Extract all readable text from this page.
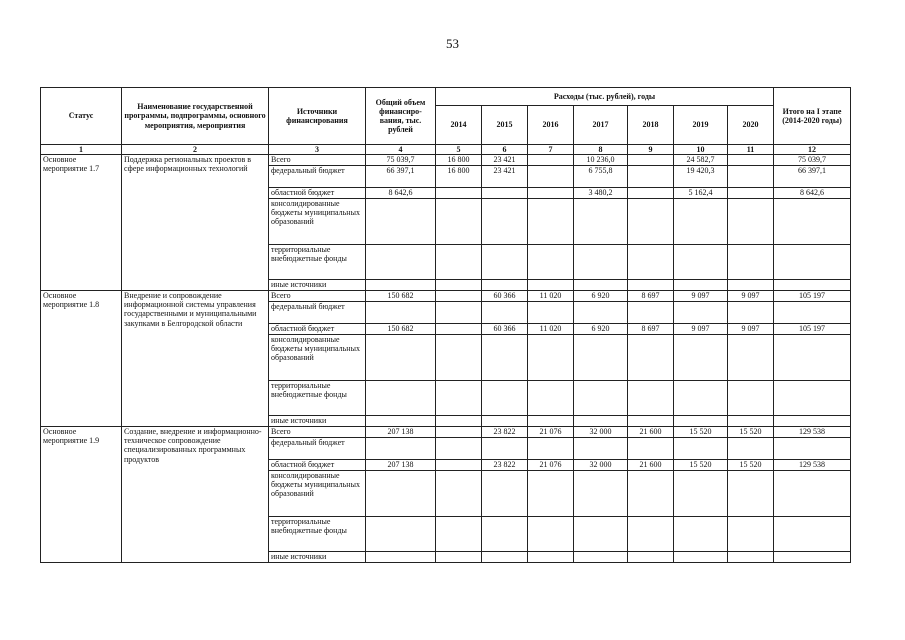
53
Статус	Наименование государственной программы, подпрограммы, основного мероприятия, мероприятия	Источники финансирования	Общий объем финансиро-вания, тыс. рублей	Расходы (тыс. рублей), годы							Итого на I этапе (2014-2020 годы)
				2014	2015	2016	2017	2018	2019	2020	
1	2	3	4	5	6	7	8	9	10	11	12
Основное мероприятие 1.7	Поддержка региональных проектов в сфере информационных технологий	Всего	75 039,7	16 800	23 421		10 236,0		24 582,7		75 039,7
		федеральный бюджет	66 397,1	16 800	23 421		6 755,8		19 420,3		66 397,1
		областной бюджет	8 642,6				3 480,2		5 162,4		8 642,6
		консолидированные бюджеты муниципальных образований									
		территориальные внебюджетные фонды									
		иные источники									
Основное мероприятие 1.8	Внедрение и сопровождение информационной системы управления государственными и муниципальными закупками в Белгородской области	Всего	150 682		60 366	11 020	6 920	8 697	9 097	9 097	105 197
		федеральный бюджет									
		областной бюджет	150 682		60 366	11 020	6 920	8 697	9 097	9 097	105 197
		консолидированные бюджеты муниципальных образований									
		территориальные внебюджетные фонды									
		иные источники									
Основное мероприятие 1.9	Создание, внедрение и информационно-техническое сопровождение специализированных программных продуктов	Всего	207 138		23 822	21 076	32 000	21 600	15 520	15 520	129 538
		федеральный бюджет									
		областной бюджет	207 138		23 822	21 076	32 000	21 600	15 520	15 520	129 538
		консолидированные бюджеты муниципальных образований									
		территориальные внебюджетные фонды									
		иные источники									
